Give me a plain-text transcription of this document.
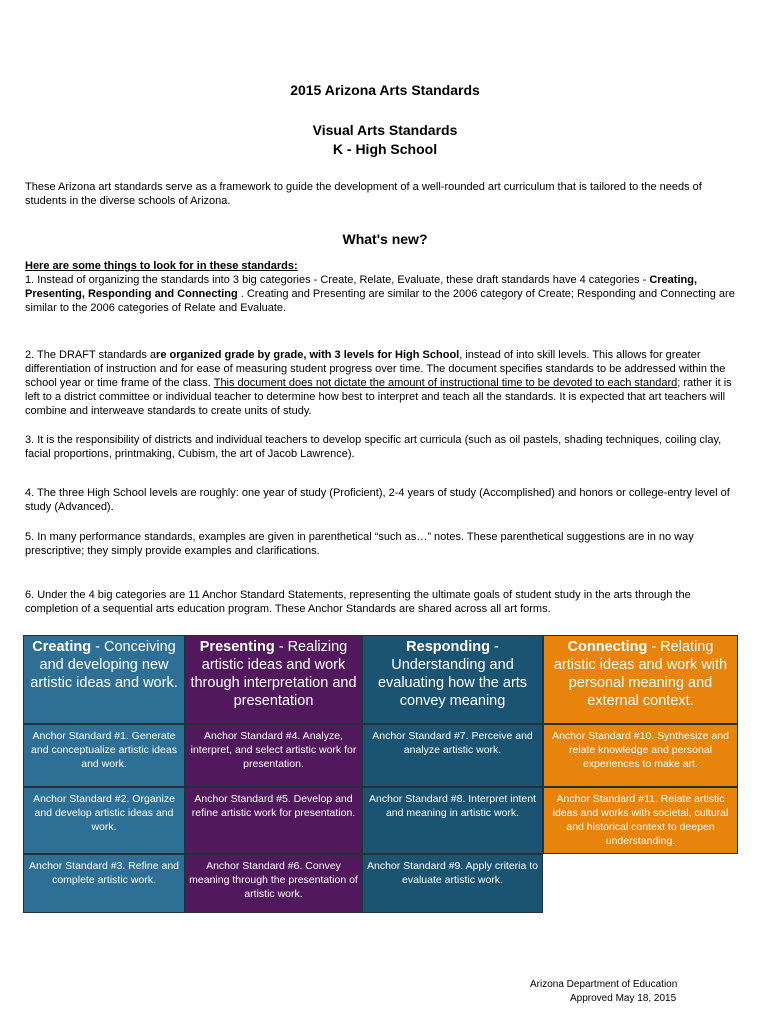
2015 Arizona Arts Standards
Visual Arts Standards
K - High School
These Arizona art standards serve as a framework to guide the development of a well-rounded art curriculum that is tailored to the needs of students in the diverse schools of Arizona.
What's new?
Here are some things to look for in these standards:
1. Instead of organizing the standards into 3 big categories - Create, Relate, Evaluate, these draft standards have 4 categories - Creating, Presenting, Responding and Connecting . Creating and Presenting are similar to the 2006 category of Create; Responding and Connecting are similar to the 2006 categories of Relate and Evaluate.
2. The DRAFT standards are organized grade by grade, with 3 levels for High School, instead of into skill levels. This allows for greater differentiation of instruction and for ease of measuring student progress over time. The document specifies standards to be addressed within the school year or time frame of the class. This document does not dictate the amount of instructional time to be devoted to each standard; rather it is left to a district committee or individual teacher to determine how best to interpret and teach all the standards. It is expected that art teachers will combine and interweave standards to create units of study.
3. It is the responsibility of districts and individual teachers to develop specific art curricula (such as oil pastels, shading techniques, coiling clay, facial proportions, printmaking, Cubism, the art of Jacob Lawrence).
4. The three High School levels are roughly: one year of study (Proficient), 2-4 years of study (Accomplished) and honors or college-entry level of study (Advanced).
5. In many performance standards, examples are given in parenthetical “such as…” notes. These parenthetical suggestions are in no way prescriptive; they simply provide examples and clarifications.
6. Under the 4 big categories are 11 Anchor Standard Statements, representing the ultimate goals of student study in the arts through the completion of a sequential arts education program. These Anchor Standards are shared across all art forms.
Creating - Conceiving and developing new artistic ideas and work.
Presenting - Realizing artistic ideas and work through interpretation and presentation
Responding - Understanding and evaluating how the arts convey meaning
Connecting - Relating artistic ideas and work with personal meaning and external context.
Anchor Standard #1. Generate and conceptualize artistic ideas and work.
Anchor Standard #4. Analyze, interpret, and select artistic work for presentation.
Anchor Standard #7. Perceive and analyze artistic work.
Anchor Standard #10. Synthesize and relate knowledge and personal experiences to make art.
Anchor Standard #2. Organize and develop artistic ideas and work.
Anchor Standard #5. Develop and refine artistic work for presentation.
Anchor Standard #8. Interpret intent and meaning in artistic work.
Anchor Standard #11. Relate artistic ideas and works with societal, cultural and historical context to deepen understanding.
Anchor Standard #3. Refine and complete artistic work.
Anchor Standard #6. Convey meaning through the presentation of artistic work.
Anchor Standard #9. Apply criteria to evaluate artistic work.
Arizona Department of Education
Approved May 18, 2015
